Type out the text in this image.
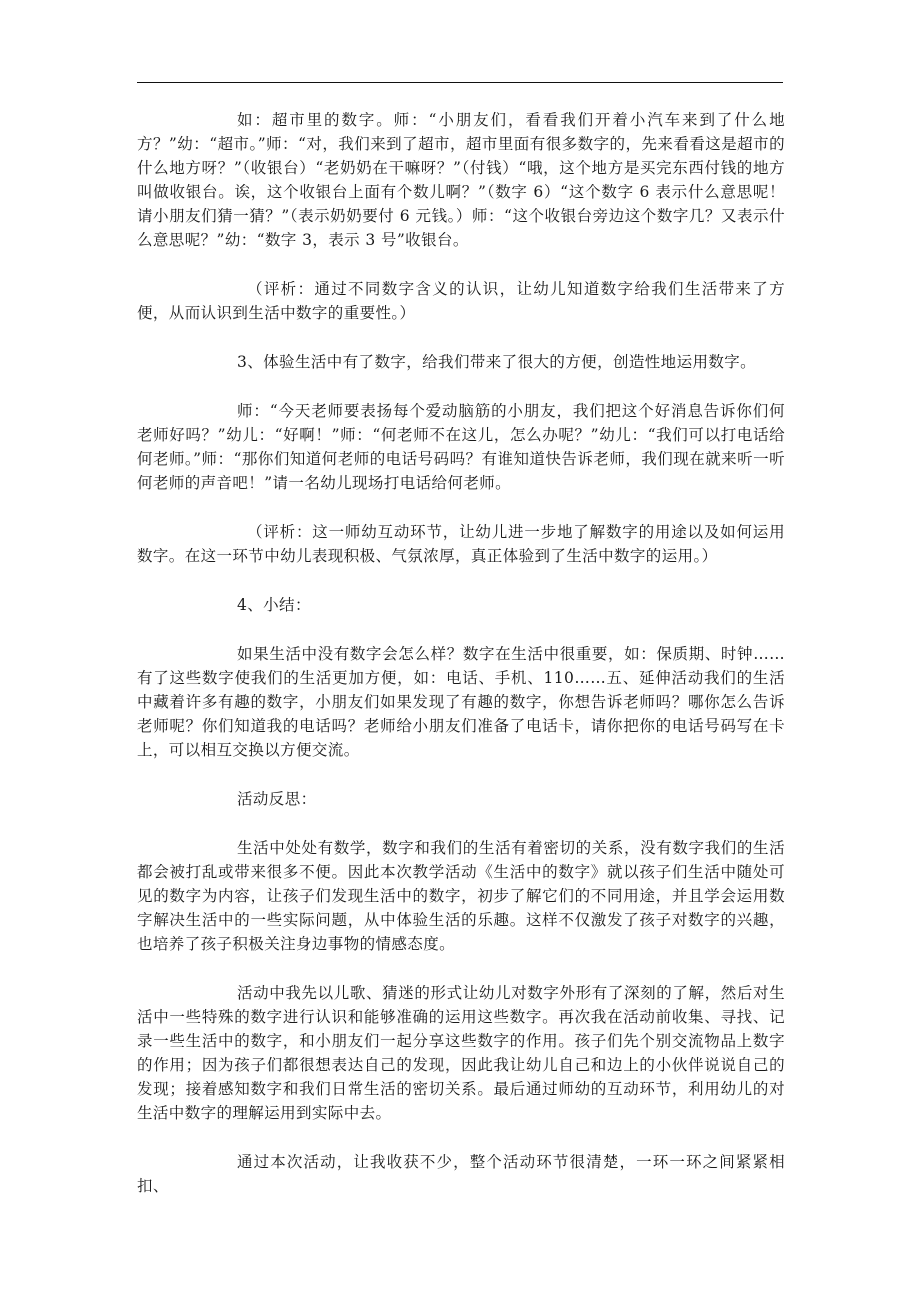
如：超市里的数字。师：“小朋友们，看看我们开着小汽车来到了什么地方？”幼：“超市。”师：“对，我们来到了超市，超市里面有很多数字的，先来看看这是超市的什么地方呀？”（收银台）“老奶奶在干嘛呀？”（付钱）“哦，这个地方是买完东西付钱的地方叫做收银台。诶，这个收银台上面有个数儿啊？”（数字 6）“这个数字 6 表示什么意思呢！请小朋友们猜一猜？”（表示奶奶要付 6 元钱。）师：“这个收银台旁边这个数字几？又表示什么意思呢？”幼：“数字 3，表示 3 号”收银台。

（评析：通过不同数字含义的认识，让幼儿知道数字给我们生活带来了方便，从而认识到生活中数字的重要性。）

3、体验生活中有了数字，给我们带来了很大的方便，创造性地运用数字。

师：“今天老师要表扬每个爱动脑筋的小朋友，我们把这个好消息告诉你们何老师好吗？”幼儿：“好啊！”师：“何老师不在这儿，怎么办呢？”幼儿：“我们可以打电话给何老师。”师：“那你们知道何老师的电话号码吗？有谁知道快告诉老师，我们现在就来听一听何老师的声音吧！”请一名幼儿现场打电话给何老师。

（评析：这一师幼互动环节，让幼儿进一步地了解数字的用途以及如何运用数字。在这一环节中幼儿表现积极、气氛浓厚，真正体验到了生活中数字的运用。）

4、小结：

如果生活中没有数字会怎么样？数字在生活中很重要，如：保质期、时钟……有了这些数字使我们的生活更加方便，如：电话、手机、110……五、延伸活动我们的生活中藏着许多有趣的数字，小朋友们如果发现了有趣的数字，你想告诉老师吗？哪你怎么告诉老师呢？你们知道我的电话吗？老师给小朋友们准备了电话卡，请你把你的电话号码写在卡上，可以相互交换以方便交流。

活动反思：

生活中处处有数学，数字和我们的生活有着密切的关系，没有数字我们的生活都会被打乱或带来很多不便。因此本次教学活动《生活中的数字》就以孩子们生活中随处可见的数字为内容，让孩子们发现生活中的数字，初步了解它们的不同用途，并且学会运用数字解决生活中的一些实际问题，从中体验生活的乐趣。这样不仅激发了孩子对数字的兴趣，也培养了孩子积极关注身边事物的情感态度。

活动中我先以儿歌、猜迷的形式让幼儿对数字外形有了深刻的了解，然后对生活中一些特殊的数字进行认识和能够准确的运用这些数字。再次我在活动前收集、寻找、记录一些生活中的数字，和小朋友们一起分享这些数字的作用。孩子们先个别交流物品上数字的作用；因为孩子们都很想表达自己的发现，因此我让幼儿自己和边上的小伙伴说说自己的发现；接着感知数字和我们日常生活的密切关系。最后通过师幼的互动环节，利用幼儿的对生活中数字的理解运用到实际中去。

通过本次活动，让我收获不少，整个活动环节很清楚，一环一环之间紧紧相扣、
